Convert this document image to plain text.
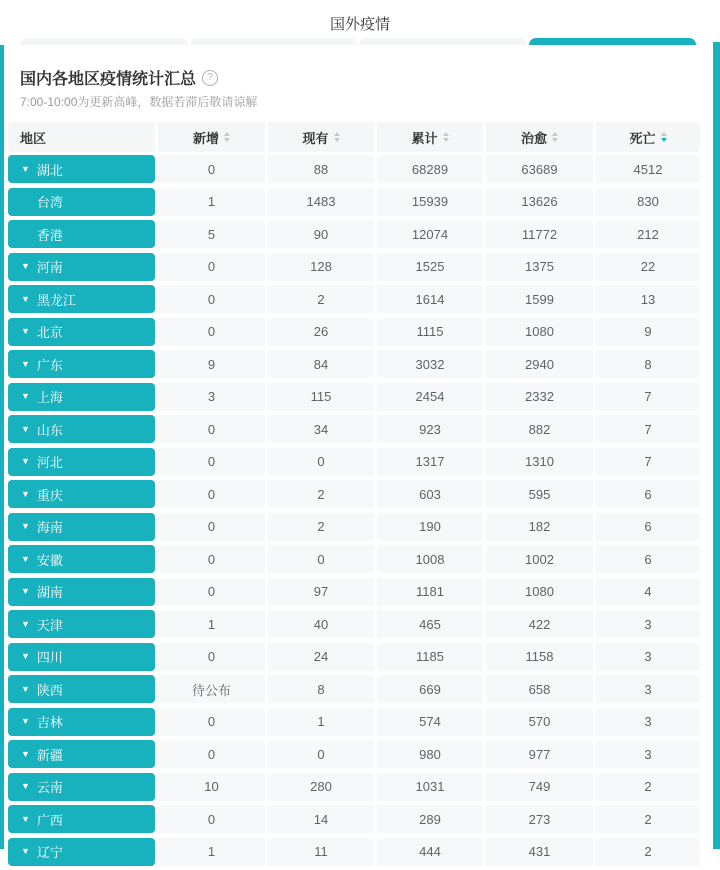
国外疫情
国内各地区疫情统计汇总	?
7:00-10:00为更新高峰，数据若滞后敬请谅解
地区	新增	现有	累计	治愈	死亡
▼ 湖北	0	88	68289	63689	4512
台湾	1	1483	15939	13626	830
香港	5	90	12074	11772	212
▼ 河南	0	128	1525	1375	22
▼ 黑龙江	0	2	1614	1599	13
▼ 北京	0	26	1115	1080	9
▼ 广东	9	84	3032	2940	8
▼ 上海	3	115	2454	2332	7
▼ 山东	0	34	923	882	7
▼ 河北	0	0	1317	1310	7
▼ 重庆	0	2	603	595	6
▼ 海南	0	2	190	182	6
▼ 安徽	0	0	1008	1002	6
▼ 湖南	0	97	1181	1080	4
▼ 天津	1	40	465	422	3
▼ 四川	0	24	1185	1158	3
▼ 陕西	待公布	8	669	658	3
▼ 吉林	0	1	574	570	3
▼ 新疆	0	0	980	977	3
▼ 云南	10	280	1031	749	2
▼ 广西	0	14	289	273	2
▼ 辽宁	1	11	444	431	2
